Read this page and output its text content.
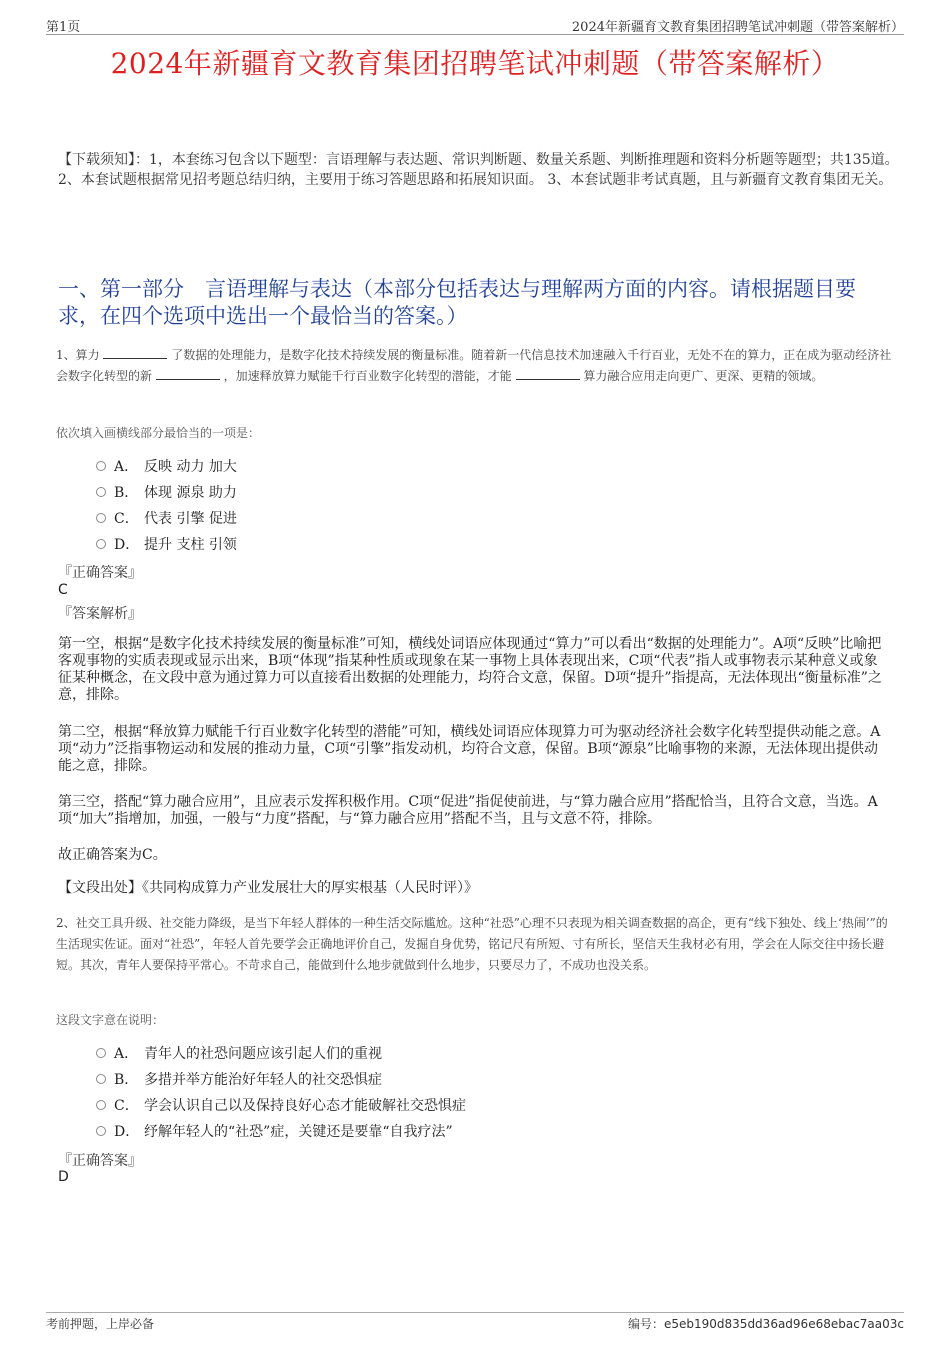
第1页	2024年新疆育文教育集团招聘笔试冲刺题（带答案解析）
2024年新疆育文教育集团招聘笔试冲刺题（带答案解析）
【下载须知】：1，本套练习包含以下题型：言语理解与表达题、常识判断题、数量关系题、判断推理题和资料分析题等题型；共135道。 2、本套试题根据常见招考题总结归纳，主要用于练习答题思路和拓展知识面。 3、本套试题非考试真题，且与新疆育文教育集团无关。
一、第一部分　言语理解与表达（本部分包括表达与理解两方面的内容。请根据题目要求，在四个选项中选出一个最恰当的答案。）
1、算力	了数据的处理能力，是数字化技术持续发展的衡量标准。随着新一代信息技术加速融入千行百业，无处不在的算力，正在成为驱动经济社会数字化转型的新	，加速释放算力赋能千行百业数字化转型的潜能，才能	算力融合应用走向更广、更深、更精的领域。
依次填入画横线部分最恰当的一项是：
A． 反映 动力 加大
B． 体现 源泉 助力
C． 代表 引擎 促进
D． 提升 支柱 引领
『正确答案』
C
『答案解析』
第一空，根据“是数字化技术持续发展的衡量标准”可知，横线处词语应体现通过“算力”可以看出“数据的处理能力”。A项“反映”比喻把客观事物的实质表现或显示出来，B项“体现”指某种性质或现象在某一事物上具体表现出来，C项“代表”指人或事物表示某种意义或象征某种概念，在文段中意为通过算力可以直接看出数据的处理能力，均符合文意，保留。D项“提升”指提高，无法体现出“衡量标准”之意，排除。
第二空，根据“释放算力赋能千行百业数字化转型的潜能”可知，横线处词语应体现算力可为驱动经济社会数字化转型提供动能之意。A项“动力”泛指事物运动和发展的推动力量，C项“引擎”指发动机，均符合文意，保留。B项“源泉”比喻事物的来源，无法体现出提供动能之意，排除。
第三空，搭配“算力融合应用”，且应表示发挥积极作用。C项“促进”指促使前进，与“算力融合应用”搭配恰当，且符合文意，当选。A项“加大”指增加，加强，一般与“力度”搭配，与“算力融合应用”搭配不当，且与文意不符，排除。
故正确答案为C。
【文段出处】《共同构成算力产业发展壮大的厚实根基（人民时评）》
2、社交工具升级、社交能力降级，是当下年轻人群体的一种生活交际尴尬。这种“社恐”心理不只表现为相关调查数据的高企，更有“线下独处、线上‘热闹’”的生活现实佐证。面对“社恐”，年轻人首先要学会正确地评价自己，发掘自身优势，铭记尺有所短、寸有所长，坚信天生我材必有用，学会在人际交往中扬长避短。其次，青年人要保持平常心。不苛求自己，能做到什么地步就做到什么地步，只要尽力了，不成功也没关系。
这段文字意在说明：
A． 青年人的社恐问题应该引起人们的重视
B． 多措并举方能治好年轻人的社交恐惧症
C． 学会认识自己以及保持良好心态才能破解社交恐惧症
D． 纾解年轻人的“社恐”症，关键还是要靠“自我疗法”
『正确答案』
D
考前押题，上岸必备	编号：e5eb190d835dd36ad96e68ebac7aa03c
